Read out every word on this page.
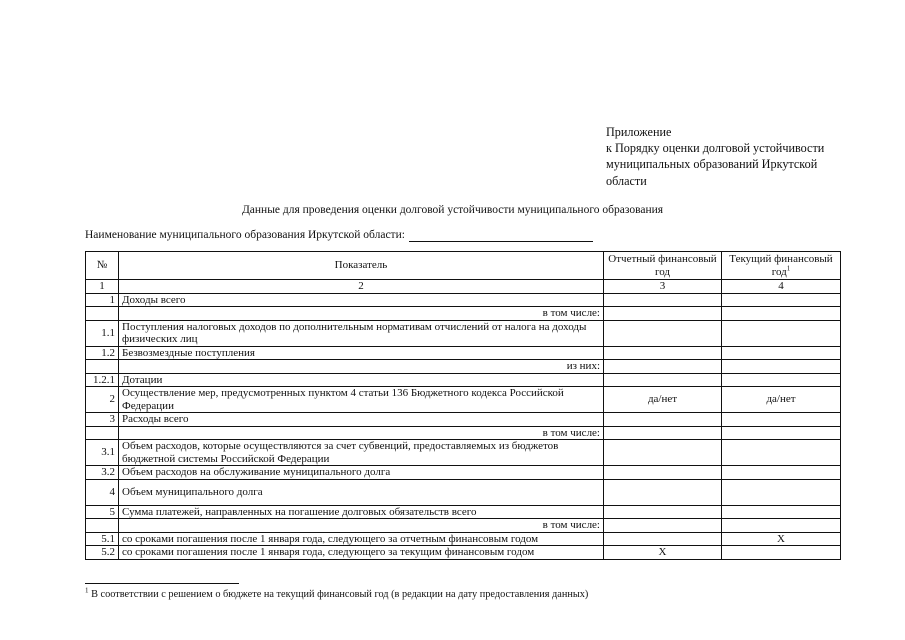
Приложение
к Порядку оценки долговой устойчивости
муниципальных образований Иркутской
области
Данные для проведения оценки долговой устойчивости муниципального образования
Наименование муниципального образования Иркутской области:
№	Показатель	Отчетный финансовый год	Текущий финансовый год$^1$
1	2	3	4
1	Доходы всего		
	в том числе:		
1.1	Поступления налоговых доходов по дополнительным нормативам отчислений от налога на доходы физических лиц		
1.2	Безвозмездные поступления		
	из них:		
1.2.1	Дотации		
2	Осуществление мер, предусмотренных пунктом 4 статьи 136 Бюджетного кодекса Российской Федерации	да/нет	да/нет
3	Расходы всего		
	в том числе:		
3.1	Объем расходов, которые осуществляются за счет субвенций, предоставляемых из бюджетов бюджетной системы Российской Федерации		
3.2	Объем расходов на обслуживание муниципального долга		
4	Объем муниципального долга		
5	Сумма платежей, направленных на погашение долговых обязательств всего		
	в том числе:		
5.1	со сроками погашения после 1 января года, следующего за отчетным финансовым годом		Х
5.2	со сроками погашения после 1 января года, следующего за текущим финансовым годом	Х	
$^1$ В соответствии с решением о бюджете на текущий финансовый год (в редакции на дату предоставления данных)
